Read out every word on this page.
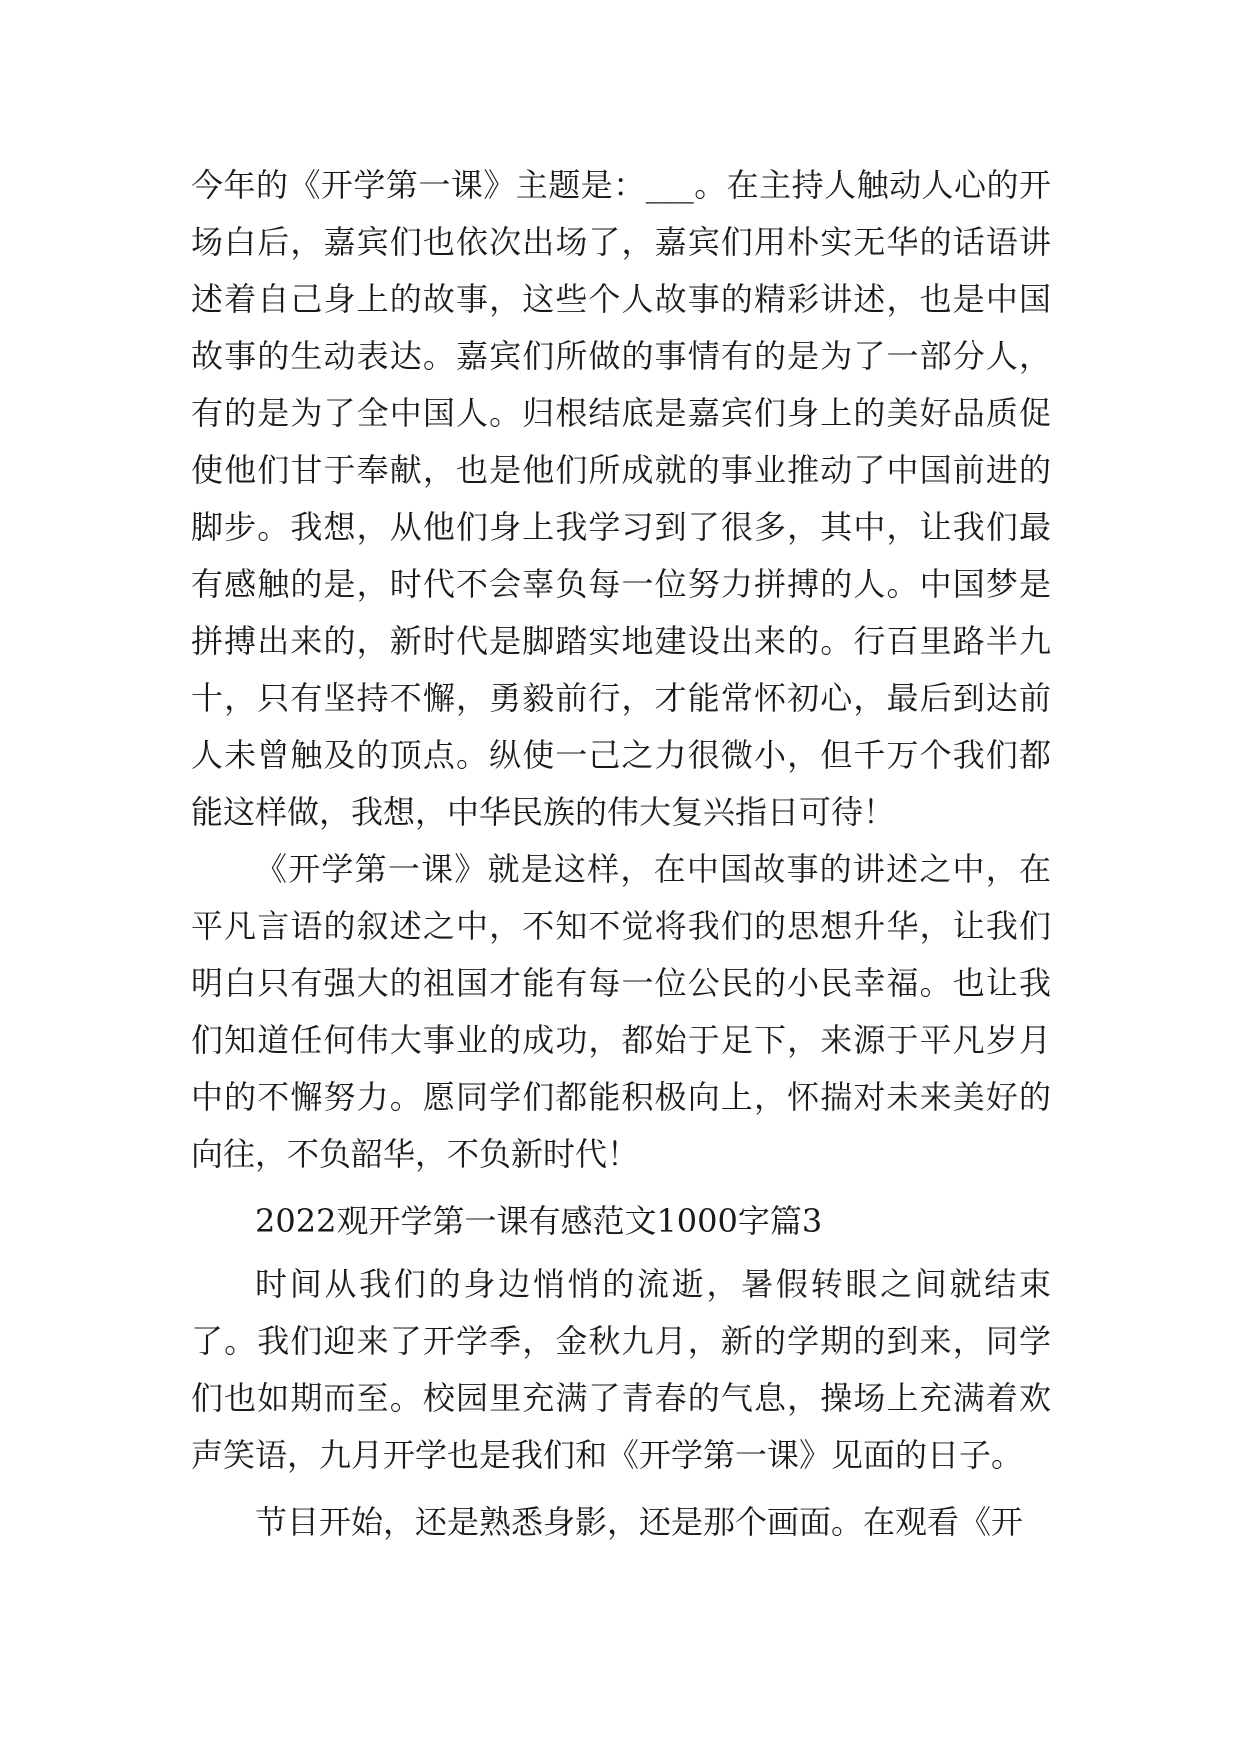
今年的《开学第一课》主题是：___。在主持人触动人心的开场白后，嘉宾们也依次出场了，嘉宾们用朴实无华的话语讲述着自己身上的故事，这些个人故事的精彩讲述，也是中国故事的生动表达。嘉宾们所做的事情有的是为了一部分人，有的是为了全中国人。归根结底是嘉宾们身上的美好品质促使他们甘于奉献，也是他们所成就的事业推动了中国前进的脚步。我想，从他们身上我学习到了很多，其中，让我们最有感触的是，时代不会辜负每一位努力拼搏的人。中国梦是拼搏出来的，新时代是脚踏实地建设出来的。行百里路半九十，只有坚持不懈，勇毅前行，才能常怀初心，最后到达前人未曾触及的顶点。纵使一己之力很微小，但千万个我们都能这样做，我想，中华民族的伟大复兴指日可待！

《开学第一课》就是这样，在中国故事的讲述之中，在平凡言语的叙述之中，不知不觉将我们的思想升华，让我们明白只有强大的祖国才能有每一位公民的小民幸福。也让我们知道任何伟大事业的成功，都始于足下，来源于平凡岁月中的不懈努力。愿同学们都能积极向上，怀揣对未来美好的向往，不负韶华，不负新时代！

2022观开学第一课有感范文1000字篇3

时间从我们的身边悄悄的流逝，暑假转眼之间就结束了。我们迎来了开学季，金秋九月，新的学期的到来，同学们也如期而至。校园里充满了青春的气息，操场上充满着欢声笑语，九月开学也是我们和《开学第一课》见面的日子。

节目开始，还是熟悉身影，还是那个画面。在观看《开
